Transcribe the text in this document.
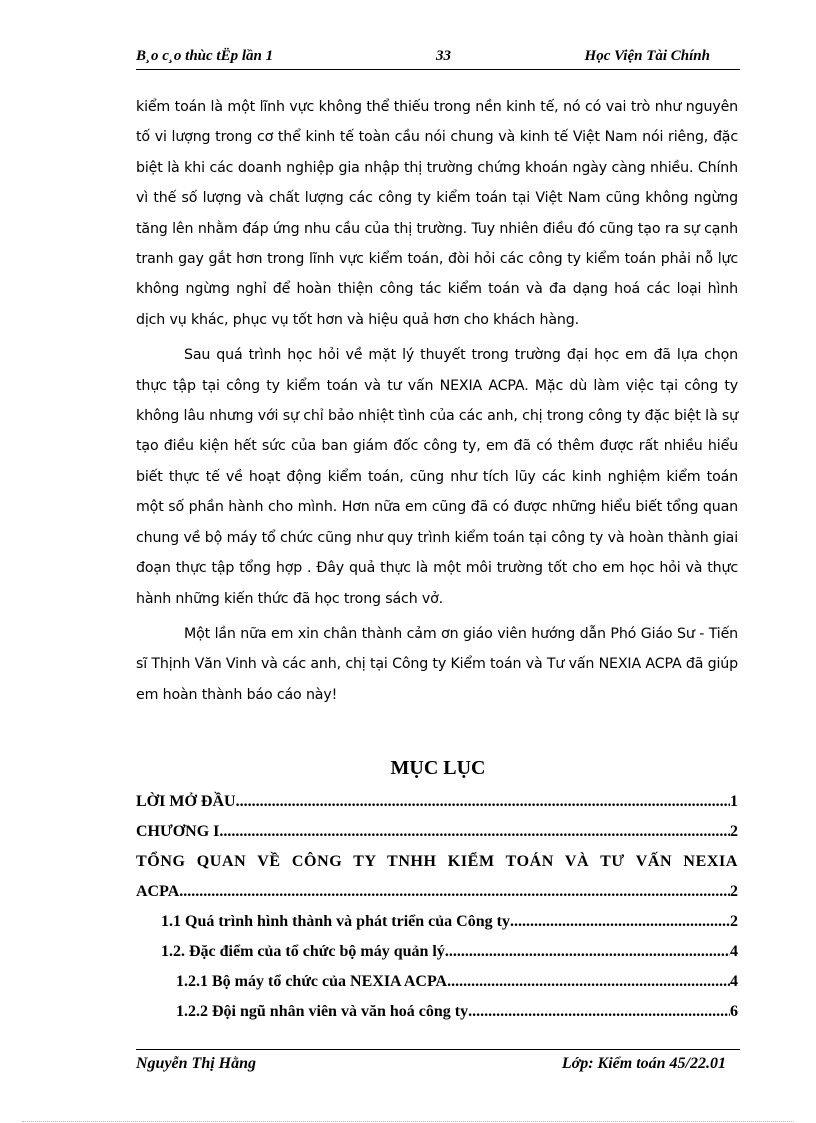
B¸o c¸o thùc tËp lần 1	33	Học Viện Tài Chính

kiểm toán là một lĩnh vực không thể thiếu trong nền kinh tế, nó có vai trò như nguyên tố vi lượng trong cơ thể kinh tế toàn cầu nói chung và kinh tế Việt Nam nói riêng, đặc biệt là khi các doanh nghiệp gia nhập thị trường chứng khoán ngày càng nhiều. Chính vì thế số lượng và chất lượng các công ty kiểm toán tại Việt Nam cũng không ngừng tăng lên nhằm đáp ứng nhu cầu của thị trường. Tuy nhiên điều đó cũng tạo ra sự cạnh tranh gay gắt hơn trong lĩnh vực kiểm toán, đòi hỏi các công ty kiểm toán phải nỗ lực không ngừng nghỉ để hoàn thiện công tác kiểm toán và đa dạng hoá các loại hình dịch vụ khác, phục vụ tốt hơn và hiệu quả hơn cho khách hàng.

Sau quá trình học hỏi về mặt lý thuyết trong trường đại học em đã lựa chọn thực tập tại công ty kiểm toán và tư vấn NEXIA ACPA. Mặc dù làm việc tại công ty không lâu nhưng với sự chỉ bảo nhiệt tình của các anh, chị trong công ty đặc biệt là sự tạo điều kiện hết sức của ban giám đốc công ty, em đã có thêm được rất nhiều hiểu biết thực tế về hoạt động kiểm toán, cũng như tích lũy các kinh nghiệm kiểm toán một số phần hành cho mình. Hơn nữa em cũng đã có được những hiểu biết tổng quan chung về bộ máy tổ chức cũng như quy trình kiểm toán tại công ty và hoàn thành giai đoạn thực tập tổng hợp . Đây quả thực là một môi trường tốt cho em học hỏi và thực hành những kiến thức đã học trong sách vở.

Một lần nữa em xin chân thành cảm ơn giáo viên hướng dẫn Phó Giáo Sư - Tiến sĩ Thịnh Văn Vinh và các anh, chị tại Công ty Kiểm toán và Tư vấn NEXIA ACPA đã giúp em hoàn thành báo cáo này!

MỤC LỤC
LỜI MỞ ĐẦU .....	1
CHƯƠNG I .....	2
TỔNG QUAN VỀ CÔNG TY TNHH KIỂM TOÁN VÀ TƯ VẤN NEXIA
ACPA .....	2
1.1 Quá trình hình thành và phát triển của Công ty .....	2
1.2. Đặc điểm của tổ chức bộ máy quản lý .....	4
1.2.1 Bộ máy tổ chức của NEXIA ACPA .....	4
1.2.2 Đội ngũ nhân viên và văn hoá công ty .....	6
Nguyễn Thị Hằng	Lớp: Kiểm toán 45/22.01
